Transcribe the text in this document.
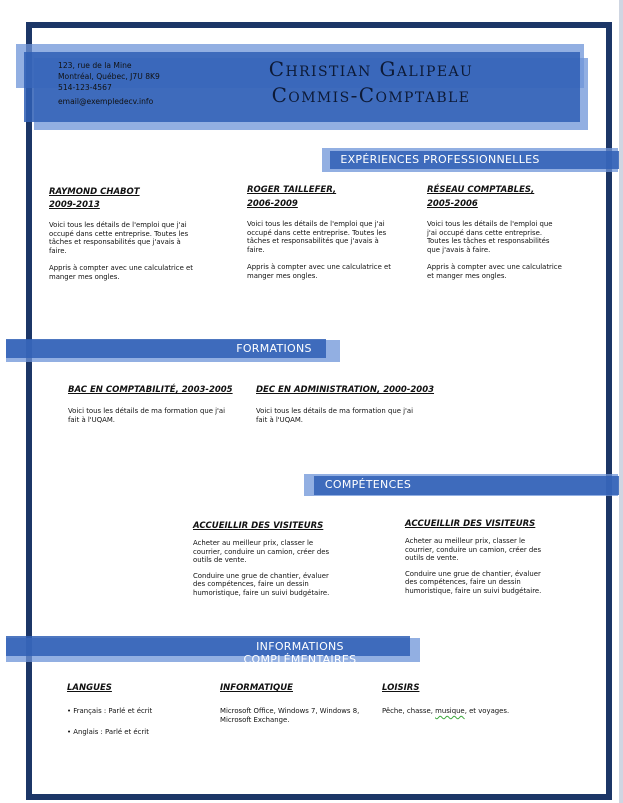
123, rue de la Mine
Montréal, Québec, J7U 8K9
514-123-4567
email@exempledecv.info
Christian Galipeau
Commis-Comptable
EXPÉRIENCES PROFESSIONNELLES
RAYMOND CHABOT
2009-2013
Voici tous les détails de l'emploi que j'ai
occupé dans cette entreprise. Toutes les
tâches et responsabilités que j'avais à
faire.
Appris à compter avec une calculatrice et
manger mes ongles.
ROGER TAILLEFER,
2006-2009
Voici tous les détails de l'emploi que j'ai
occupé dans cette entreprise. Toutes les
tâches et responsabilités que j'avais à
faire.
Appris à compter avec une calculatrice et
manger mes ongles.
RÉSEAU COMPTABLES,
2005-2006
Voici tous les détails de l'emploi que
j'ai occupé dans cette entreprise.
Toutes les tâches et responsabilités
que j'avais à faire.
Appris à compter avec une calculatrice
et manger mes ongles.
FORMATIONS
BAC EN COMPTABILITÉ, 2003-2005
Voici tous les détails de ma formation que j'ai
fait à l'UQAM.
DEC EN ADMINISTRATION, 2000-2003
Voici tous les détails de ma formation que j'ai
fait à l'UQAM.
COMPÉTENCES
ACCUEILLIR DES VISITEURS
Acheter au meilleur prix, classer le
courrier, conduire un camion, créer des
outils de vente.
Conduire une grue de chantier, évaluer
des compétences, faire un dessin
humoristique, faire un suivi budgétaire.
ACCUEILLIR DES VISITEURS
Acheter au meilleur prix, classer le
courrier, conduire un camion, créer des
outils de vente.
Conduire une grue de chantier, évaluer
des compétences, faire un dessin
humoristique, faire un suivi budgétaire.
INFORMATIONS COMPLÉMENTAIRES
LANGUES
• Français : Parlé et écrit
• Anglais : Parlé et écrit
INFORMATIQUE
Microsoft Office, Windows 7, Windows 8,
Microsoft Exchange.
LOISIRS
Pêche, chasse, musique, et voyages.
